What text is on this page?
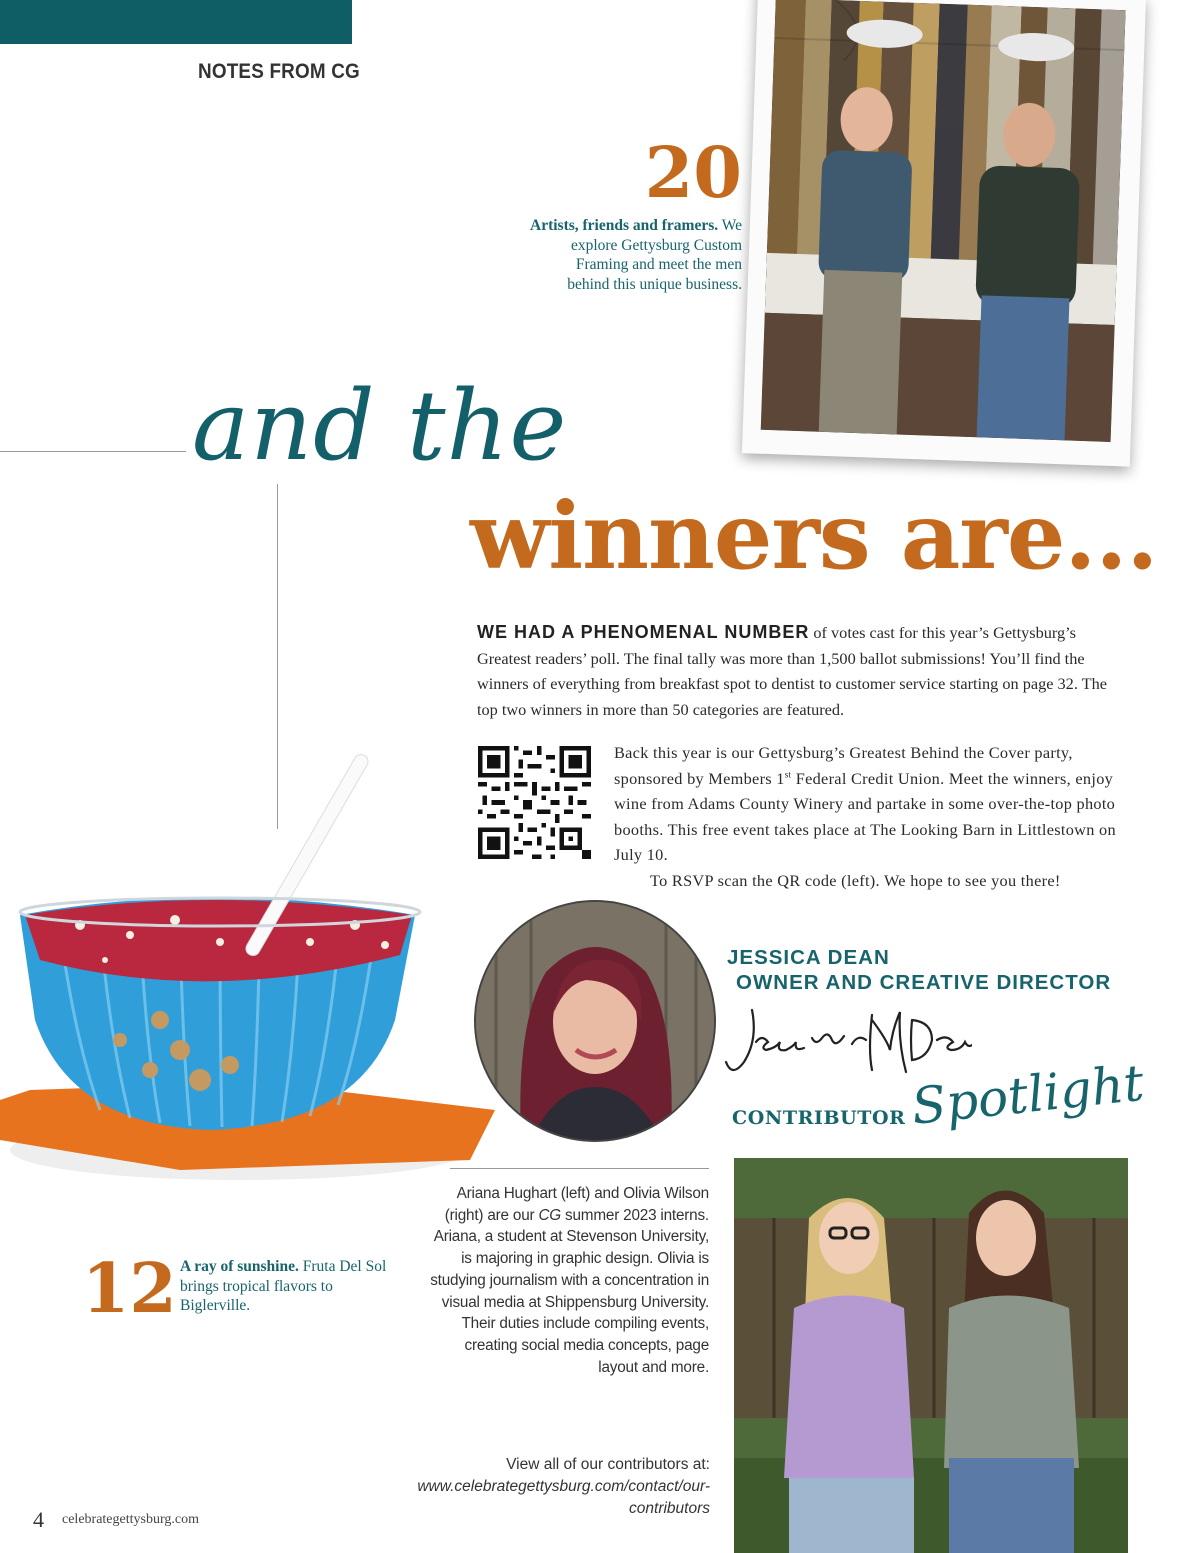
NOTES FROM CG
20
Artists, friends and framers. We explore Gettysburg Custom Framing and meet the men behind this unique business.
and the
winners are...
WE HAD A PHENOMENAL NUMBER of votes cast for this year’s Gettysburg’s Greatest readers’ poll. The final tally was more than 1,500 ballot submissions! You’ll find the winners of everything from breakfast spot to dentist to customer service starting on page 32. The top two winners in more than 50 categories are featured.
Back this year is our Gettysburg’s Greatest Behind the Cover party, sponsored by Members 1st Federal Credit Union. Meet the winners, enjoy wine from Adams County Winery and partake in some over-the-top photo booths. This free event takes place at The Looking Barn in Littlestown on July 10.
To RSVP scan the QR code (left). We hope to see you there!
JESSICA DEAN
OWNER AND CREATIVE DIRECTOR
CONTRIBUTOR Spotlight
Ariana Hughart (left) and Olivia Wilson (right) are our CG summer 2023 interns. Ariana, a student at Stevenson University, is majoring in graphic design. Olivia is studying journalism with a concentration in visual media at Shippensburg University. Their duties include compiling events, creating social media concepts, page layout and more.
View all of our contributors at:
www.celebrategettysburg.com/contact/our-contributors
12 A ray of sunshine. Fruta Del Sol brings tropical flavors to Biglerville.
4 celebrategettysburg.com
